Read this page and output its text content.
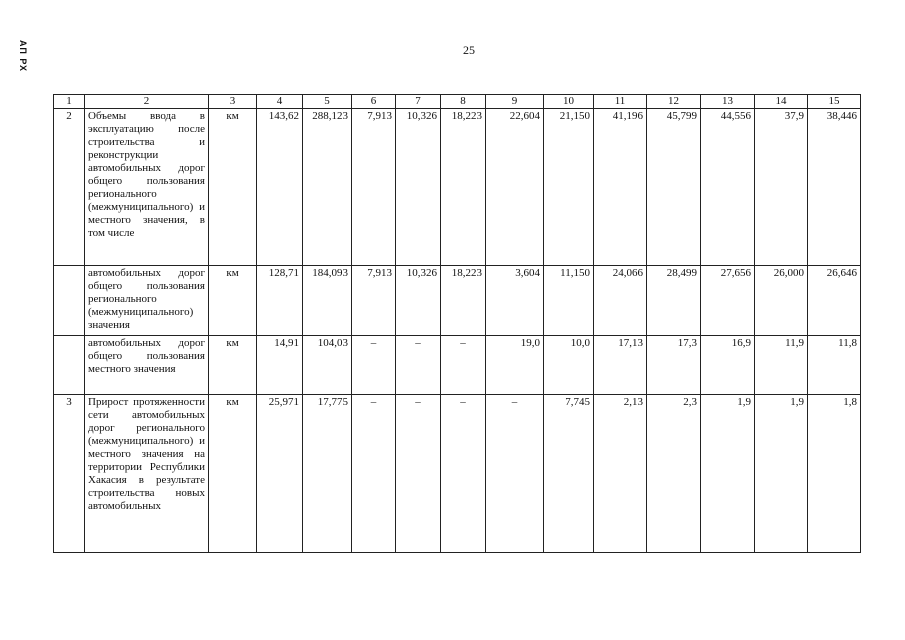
АП РХ	25
1	2	3	4	5	6	7	8	9	10	11	12	13	14	15
2	Объемы ввода в эксплуатацию после строительства и реконструкции автомобильных дорог общего пользования регионального (межмуниципального) и местного значения, в том числе	км	143,62	288,123	7,913	10,326	18,223	22,604	21,150	41,196	45,799	44,556	37,9	38,446
	автомобильных дорог общего пользования регионального (межмуниципального) значения	км	128,71	184,093	7,913	10,326	18,223	3,604	11,150	24,066	28,499	27,656	26,000	26,646
	автомобильных дорог общего пользования местного значения	км	14,91	104,03	–	–	–	19,0	10,0	17,13	17,3	16,9	11,9	11,8
3	Прирост протяженности сети автомобильных дорог регионального (межмуниципального) и местного значения на территории Республики Хакасия в результате строительства новых автомобильных	км	25,971	17,775	–	–	–	–	7,745	2,13	2,3	1,9	1,9	1,8
